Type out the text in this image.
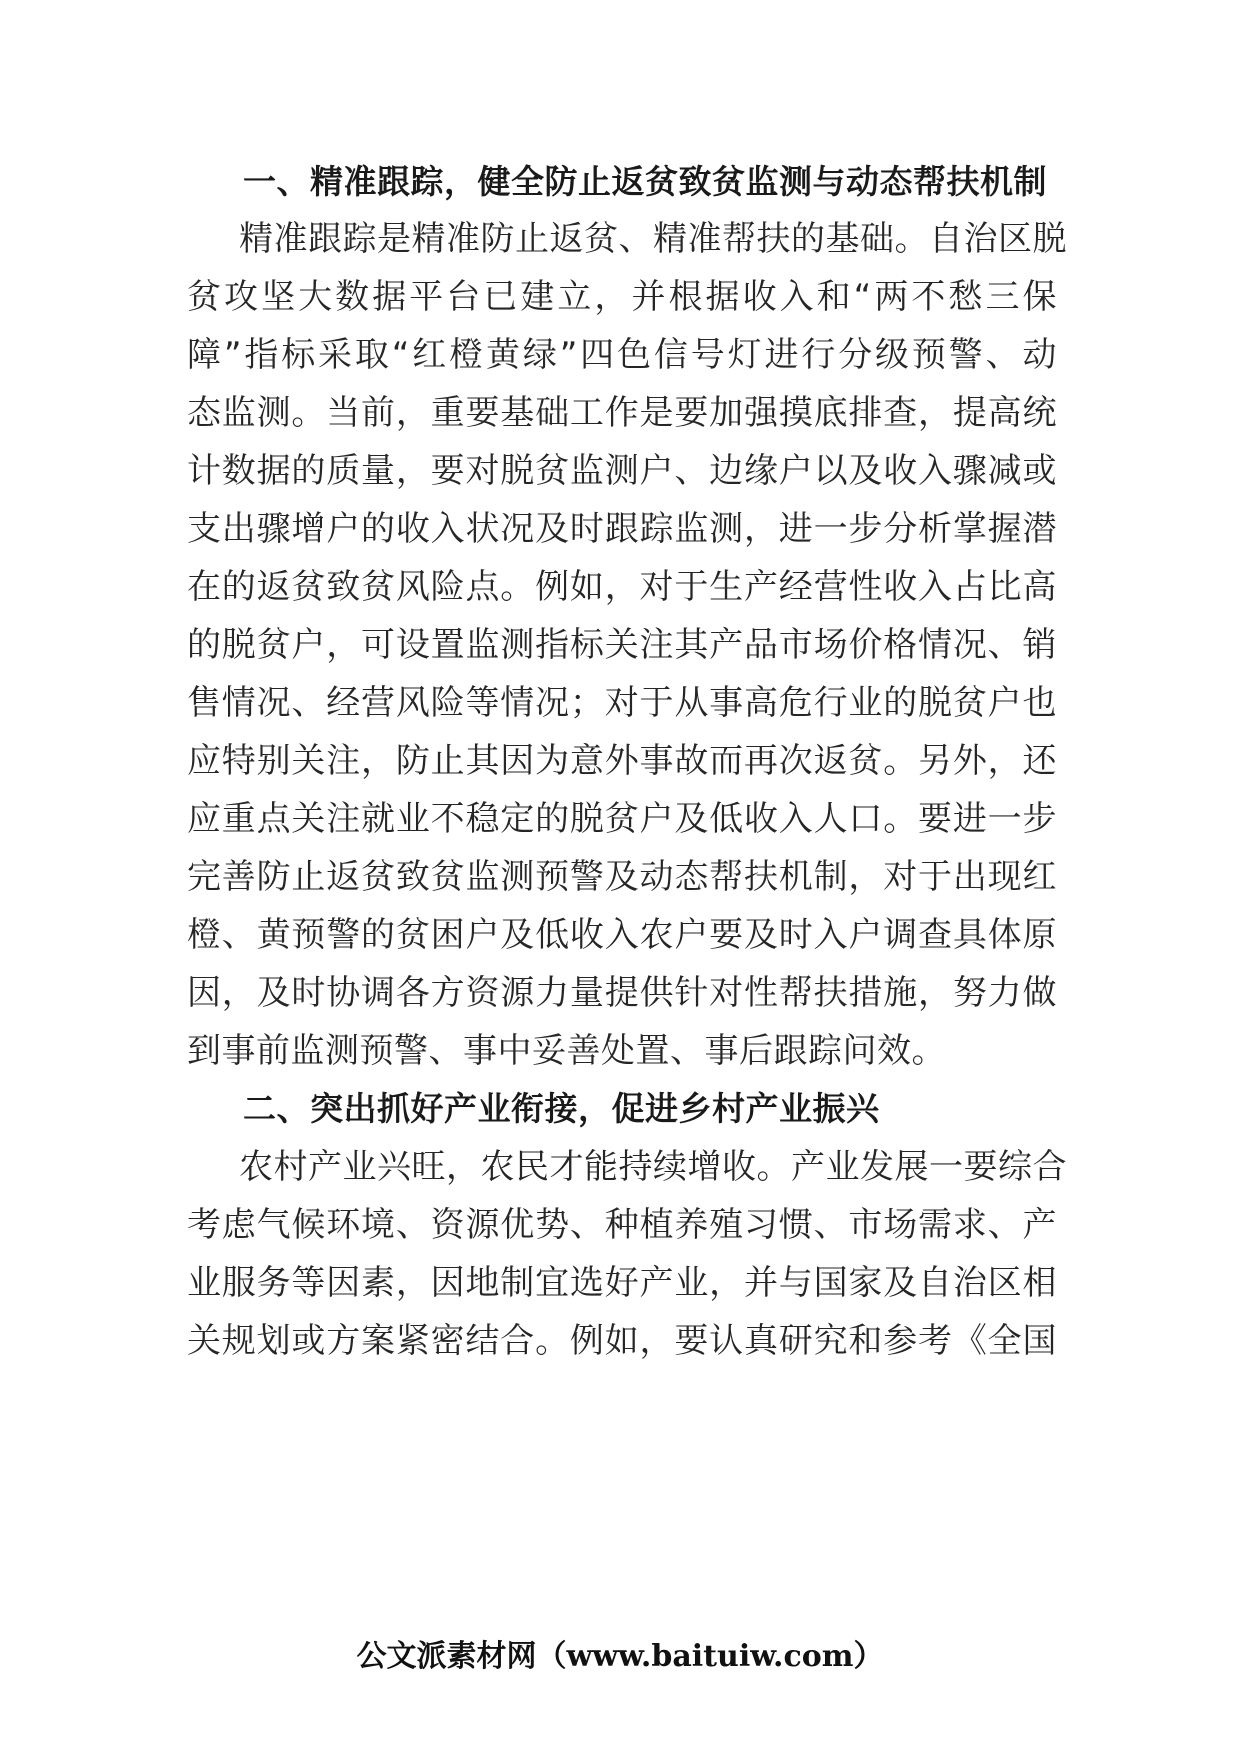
一、精准跟踪，健全防止返贫致贫监测与动态帮扶机制
精准跟踪是精准防止返贫、精准帮扶的基础。自治区脱
贫攻坚大数据平台已建立，并根据收入和“两不愁三保
障”指标采取“红橙黄绿”四色信号灯进行分级预警、动
态监测。当前，重要基础工作是要加强摸底排查，提高统
计数据的质量，要对脱贫监测户、边缘户以及收入骤减或
支出骤增户的收入状况及时跟踪监测，进一步分析掌握潜
在的返贫致贫风险点。例如，对于生产经营性收入占比高
的脱贫户，可设置监测指标关注其产品市场价格情况、销
售情况、经营风险等情况；对于从事高危行业的脱贫户也
应特别关注，防止其因为意外事故而再次返贫。另外，还
应重点关注就业不稳定的脱贫户及低收入人口。要进一步
完善防止返贫致贫监测预警及动态帮扶机制，对于出现红
橙、黄预警的贫困户及低收入农户要及时入户调查具体原
因，及时协调各方资源力量提供针对性帮扶措施，努力做
到事前监测预警、事中妥善处置、事后跟踪问效。
二、突出抓好产业衔接，促进乡村产业振兴
农村产业兴旺，农民才能持续增收。产业发展一要综合
考虑气候环境、资源优势、种植养殖习惯、市场需求、产
业服务等因素，因地制宜选好产业，并与国家及自治区相
关规划或方案紧密结合。例如，要认真研究和参考《全国
公文派素材网（www.baituiw.com）
